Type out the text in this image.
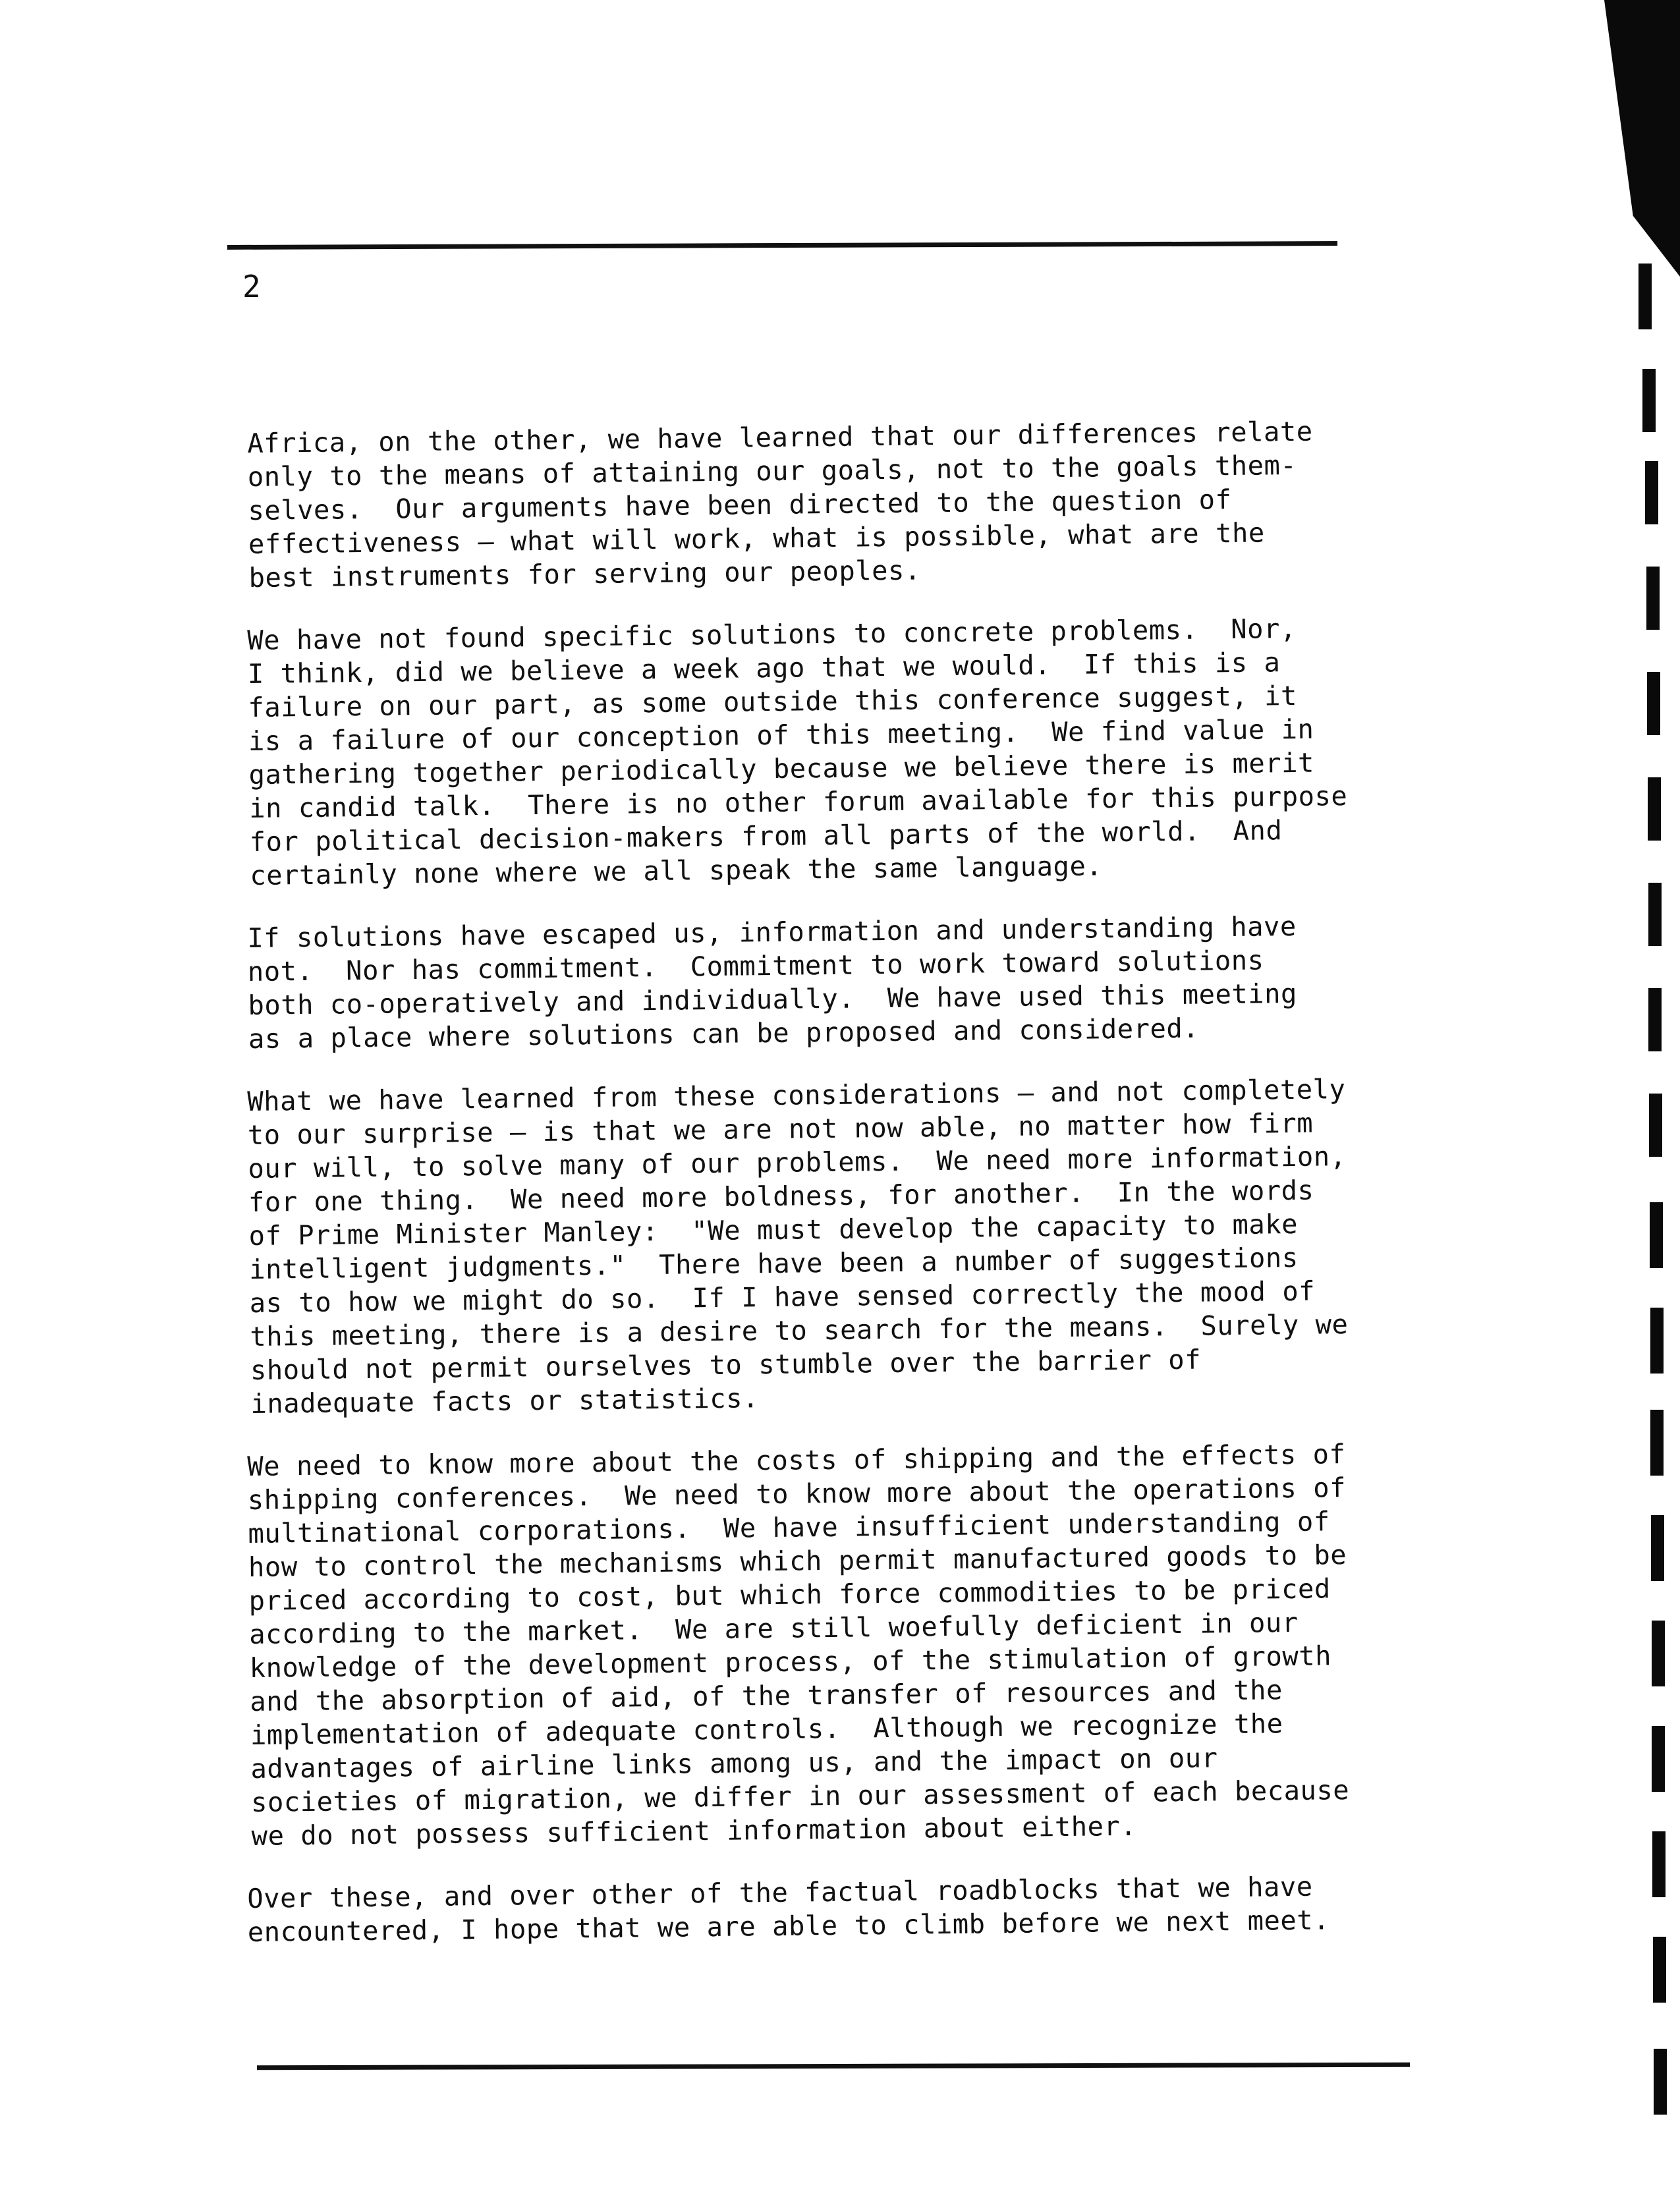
2
Africa, on the other, we have learned that our differences relate
only to the means of attaining our goals, not to the goals them-
selves.  Our arguments have been directed to the question of
effectiveness — what will work, what is possible, what are the
best instruments for serving our peoples.
We have not found specific solutions to concrete problems.  Nor,
I think, did we believe a week ago that we would.  If this is a
failure on our part, as some outside this conference suggest, it
is a failure of our conception of this meeting.  We find value in
gathering together periodically because we believe there is merit
in candid talk.  There is no other forum available for this purpose
for political decision-makers from all parts of the world.  And
certainly none where we all speak the same language.
If solutions have escaped us, information and understanding have
not.  Nor has commitment.  Commitment to work toward solutions
both co-operatively and individually.  We have used this meeting
as a place where solutions can be proposed and considered.
What we have learned from these considerations — and not completely
to our surprise — is that we are not now able, no matter how firm
our will, to solve many of our problems.  We need more information,
for one thing.  We need more boldness, for another.  In the words
of Prime Minister Manley:  "We must develop the capacity to make
intelligent judgments."  There have been a number of suggestions
as to how we might do so.  If I have sensed correctly the mood of
this meeting, there is a desire to search for the means.  Surely we
should not permit ourselves to stumble over the barrier of
inadequate facts or statistics.
We need to know more about the costs of shipping and the effects of
shipping conferences.  We need to know more about the operations of
multinational corporations.  We have insufficient understanding of
how to control the mechanisms which permit manufactured goods to be
priced according to cost, but which force commodities to be priced
according to the market.  We are still woefully deficient in our
knowledge of the development process, of the stimulation of growth
and the absorption of aid, of the transfer of resources and the
implementation of adequate controls.  Although we recognize the
advantages of airline links among us, and the impact on our
societies of migration, we differ in our assessment of each because
we do not possess sufficient information about either.
Over these, and over other of the factual roadblocks that we have
encountered, I hope that we are able to climb before we next meet.
